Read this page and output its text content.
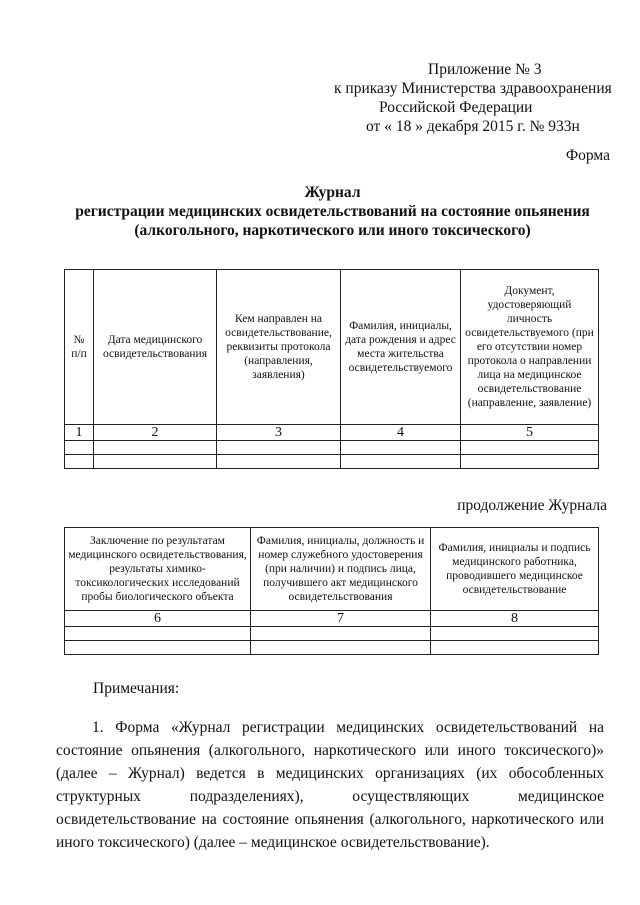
Приложение № 3
к приказу Министерства здравоохранения
Российской Федерации
от « 18 » декабря 2015 г. № 933н
Форма
Журнал
регистрации медицинских освидетельствований на состояние опьянения
(алкогольного, наркотического или иного токсического)
№ п/п	Дата медицинского освидетельствования	Кем направлен на освидетельствование, реквизиты протокола (направления, заявления)	Фамилия, инициалы, дата рождения и адрес места жительства освидетельствуемого	Документ, удостоверяющий личность освидетельствуемого (при его отсутствии номер протокола о направлении лица на медицинское освидетельствование (направление, заявление)
1	2	3	4	5

продолжение Журнала
Заключение по результатам медицинского освидетельствования, результаты химико-токсикологических исследований пробы биологического объекта	Фамилия, инициалы, должность и номер служебного удостоверения (при наличии) и подпись лица, получившего акт медицинского освидетельствования	Фамилия, инициалы и подпись медицинского работника, проводившего медицинское освидетельствование
6	7	8

Примечания:
1. Форма «Журнал регистрации медицинских освидетельствований на состояние опьянения (алкогольного, наркотического или иного токсического)» (далее – Журнал) ведется в медицинских организациях (их обособленных структурных подразделениях), осуществляющих медицинское освидетельствование на состояние опьянения (алкогольного, наркотического или иного токсического) (далее – медицинское освидетельствование).
